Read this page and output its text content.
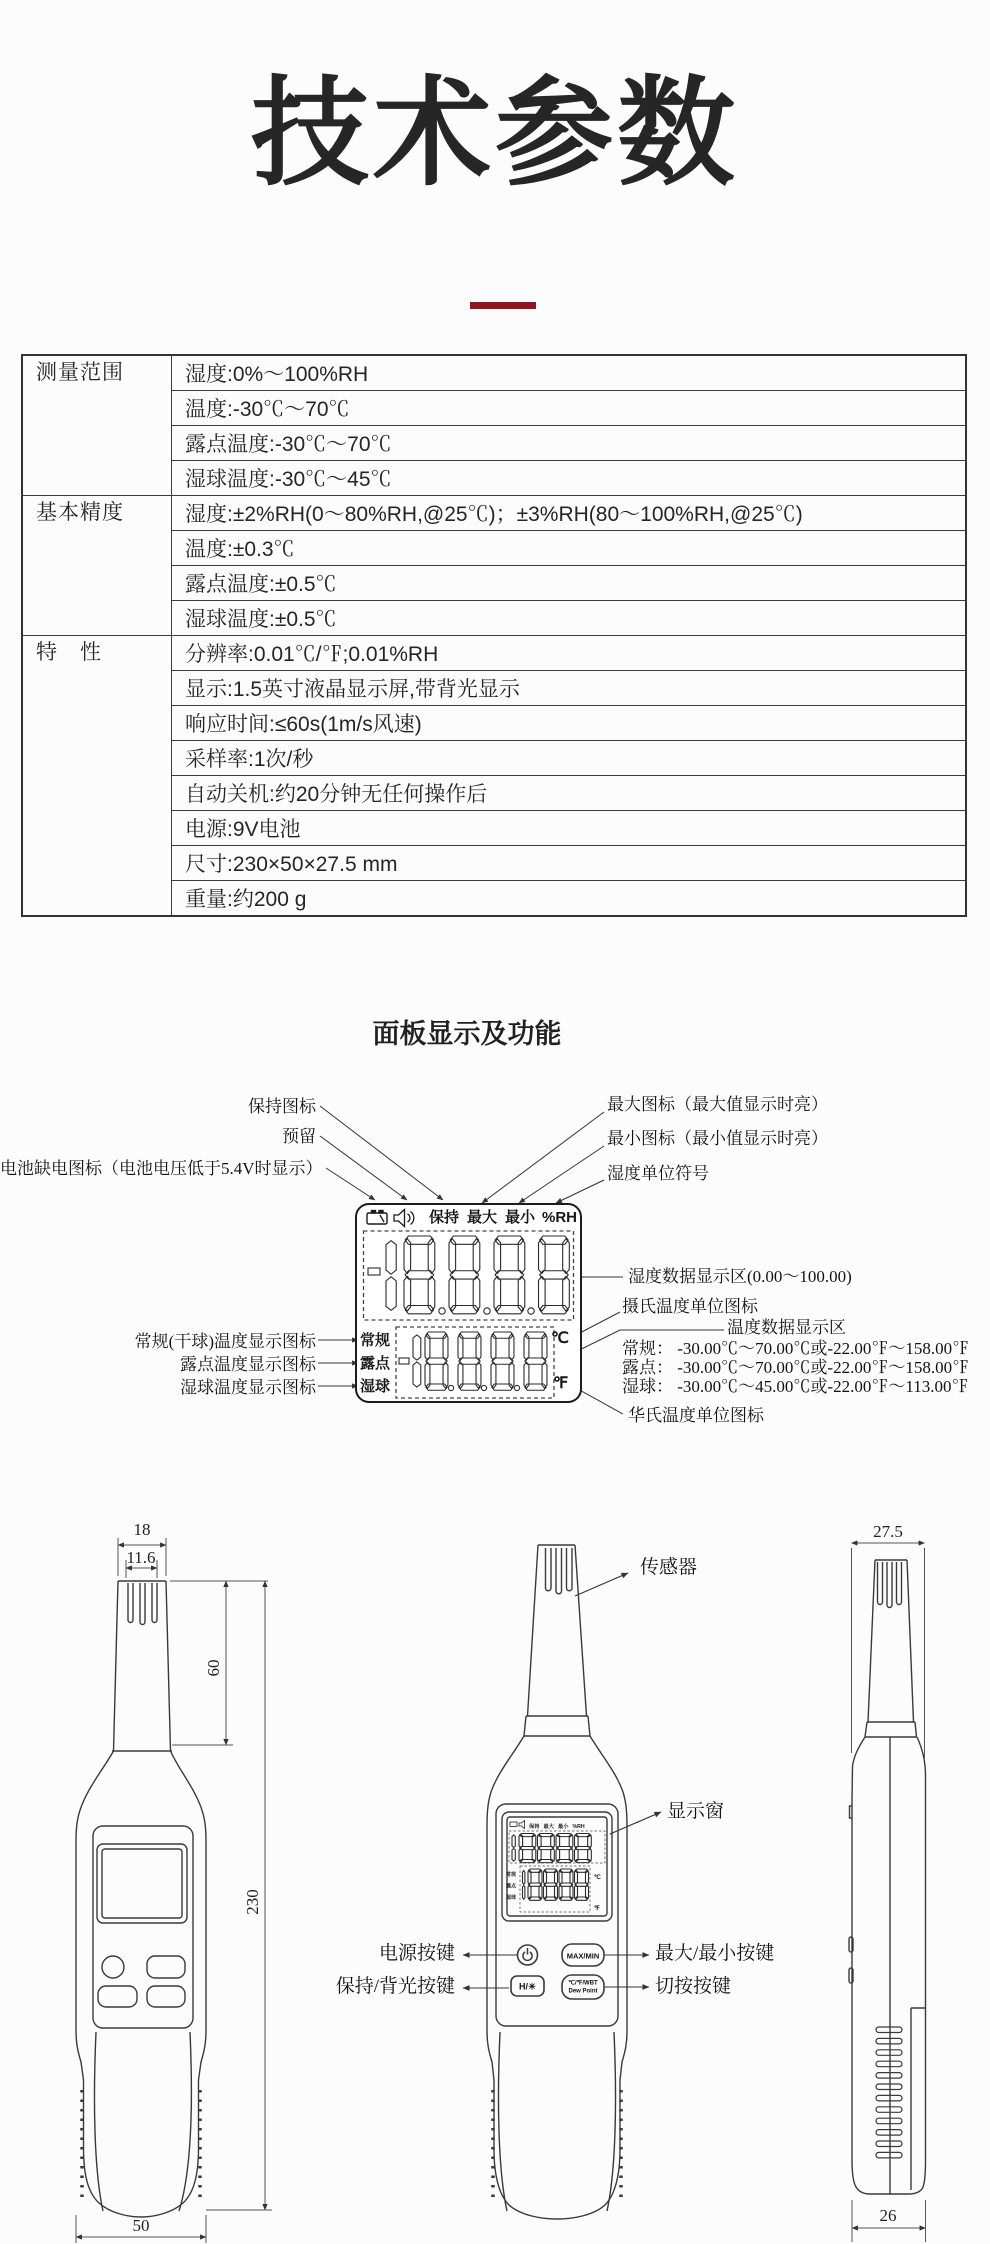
技术参数
测量范围	湿度:0%～100%RH
	温度:-30℃～70℃
	露点温度:-30℃～70℃
	湿球温度:-30℃～45℃
基本精度	湿度:±2%RH(0～80%RH,@25℃)；±3%RH(80～100%RH,@25℃)
	温度:±0.3℃
	露点温度:±0.5℃
	湿球温度:±0.5℃
特　性	分辨率:0.01℃/℉;0.01%RH
	显示:1.5英寸液晶显示屏,带背光显示
	响应时间:≤60s(1m/s风速)
	采样率:1次/秒
	自动关机:约20分钟无任何操作后
	电源:9V电池
	尺寸:230×50×27.5 mm
	重量:约200 g
面板显示及功能
保持 最大 最小 %RH
常规
露点
湿球
℃
℉
保持图标
预留
电池缺电图标（电池电压低于5.4V时显示）
最大图标（最大值显示时亮）
最小图标（最小值显示时亮）
湿度单位符号
湿度数据显示区(0.00～100.00)
摄氏温度单位图标
温度数据显示区
常规： -30.00℃～70.00℃或-22.00℉～158.00℉
露点： -30.00℃～70.00℃或-22.00℉～158.00℉
湿球： -30.00℃～45.00℃或-22.00℉～113.00℉
华氏温度单位图标
常规(干球)温度显示图标
露点温度显示图标
湿球温度显示图标
18
11.6
60
230
50
保持 最大 最小 %RH
常规
露点
湿球
℃
℉
MAX/MIN
H/☀	℃/℉/WBT
Dew Point
27.5
26
传感器
显示窗
电源按键
保持/背光按键
最大/最小按键
切按按键
